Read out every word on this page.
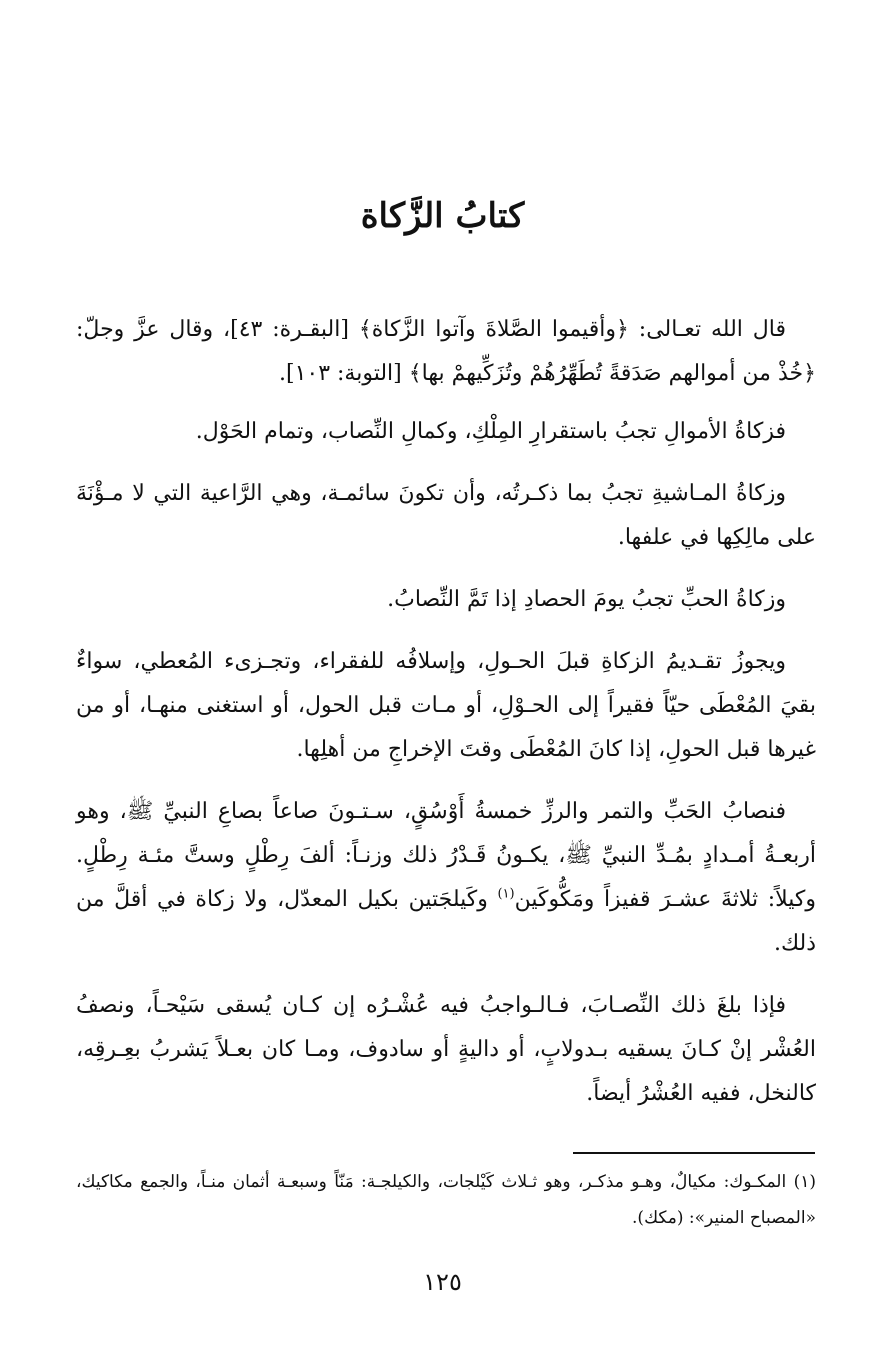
كتابُ الزَّكاة

قال الله تعـالى: ﴿وأقيموا الصَّلاةَ وآتوا الزَّكاة﴾ [البقـرة: ٤٣]، وقال عزَّ وجلّ: ﴿خُذْ من أموالهم صَدَقةً تُطَهِّرُهُمْ وتُزَكِّيهمْ بها﴾ [التوبة: ١٠٣].

فزكاةُ الأموالِ تجبُ باستقرارِ المِلْكِ، وكمالِ النِّصاب، وتمام الحَوْل.

وزكاةُ المـاشيةِ تجبُ بما ذكـرتُه، وأن تكونَ سائمـة، وهي الرَّاعية التي لا مـؤْنَةَ على مالِكِها في علفها.

وزكاةُ الحبِّ تجبُ يومَ الحصادِ إذا تَمَّ النِّصابُ.

ويجوزُ تقـديمُ الزكاةِ قبلَ الحـولِ، وإسلافُه للفقراء، وتجـزىء المُعطي، سواءٌ بقيَ المُعْطَى حيّاً فقيراً إلى الحـوْلِ، أو مـات قبل الحول، أو استغنى منهـا، أو من غيرها قبل الحولِ، إذا كانَ المُعْطَى وقتَ الإخراجِ من أهلِها.

فنصابُ الحَبِّ والتمر والرزِّ خمسةُ أَوْسُقٍ، سـتـونَ صاعاً بصاعِ النبيِّ ﷺ، وهو أربعـةُ أمـدادٍ بمُـدِّ النبيِّ ﷺ، يكـونُ قَـدْرُ ذلك وزنـاً: ألفَ رِطْلٍ وستَّ مئـة رِطْلٍ. وكيلاً: ثلاثةَ عشـرَ قفيزاً ومَكُّوكَين$^{(١)}$ وكَيلجَتين بكيل المعدّل، ولا زكاة في أقلَّ من ذلك.

فإذا بلغَ ذلك النِّصـابَ، فـالـواجبُ فيه عُشْـرُه إن كـان يُسقى سَيْحـاً، ونصفُ العُشْر إنْ كـانَ يسقيه بـدولابٍ، أو داليةٍ أو سادوف، ومـا كان بعـلاً يَشربُ بعِـرقِه، كالنخل، ففيه العُشْرُ أيضاً.

(١) المكـوك: مكيالٌ، وهـو مذكـر، وهو ثـلاث كَيْلجات، والكيلجـة: مَنّاً وسبعـة أثمان منـاً، والجمع مكاكيك، «المصباح المنير»: (مكك).

١٢٥
